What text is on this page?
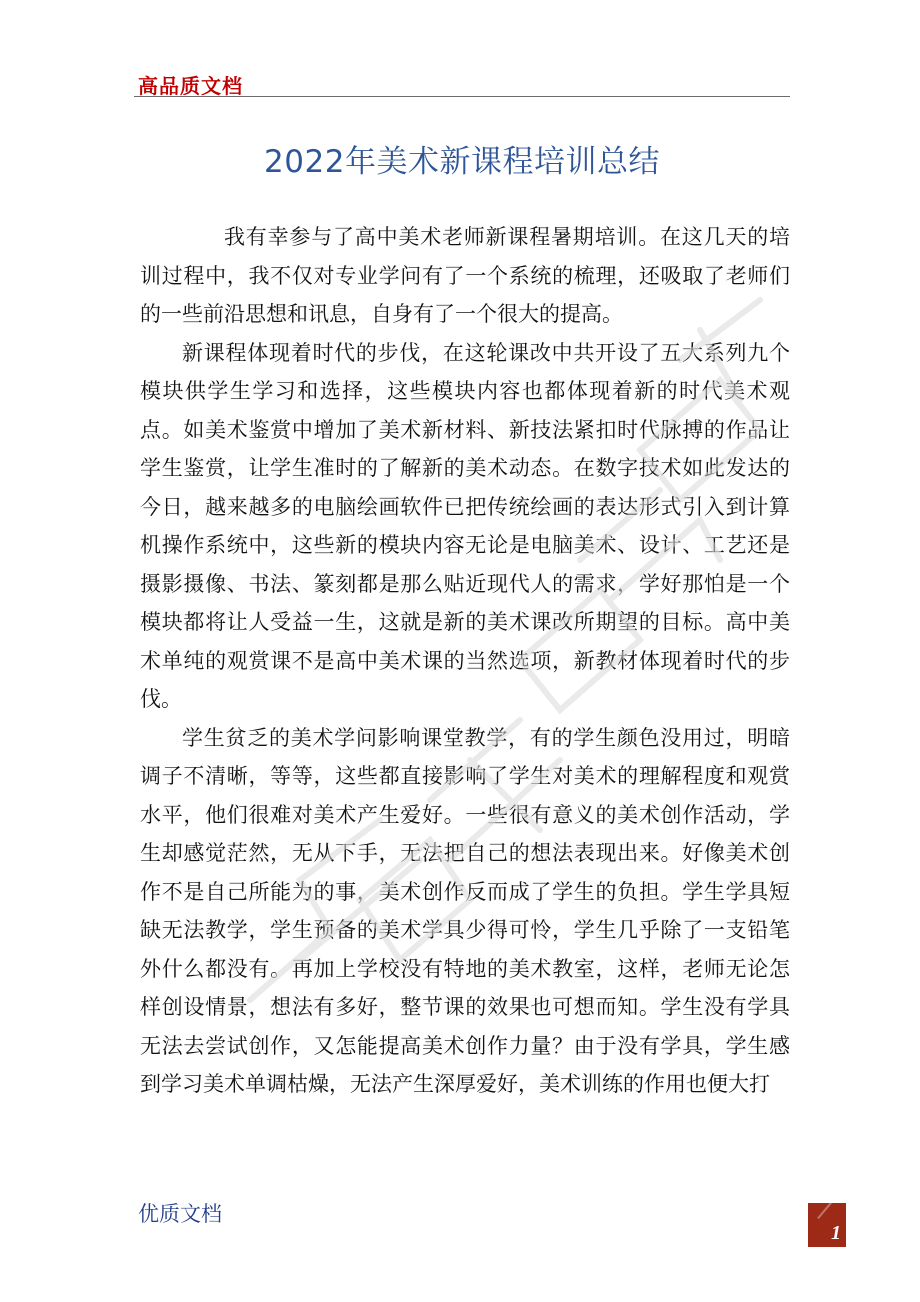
高品质文档
2022年美术新课程培训总结

我有幸参与了高中美术老师新课程暑期培训。在这几天的培训过程中，我不仅对专业学问有了一个系统的梳理，还吸取了老师们的一些前沿思想和讯息，自身有了一个很大的提高。

新课程体现着时代的步伐，在这轮课改中共开设了五大系列九个模块供学生学习和选择，这些模块内容也都体现着新的时代美术观点。如美术鉴赏中增加了美术新材料、新技法紧扣时代脉搏的作品让学生鉴赏，让学生准时的了解新的美术动态。在数字技术如此发达的今日，越来越多的电脑绘画软件已把传统绘画的表达形式引入到计算机操作系统中，这些新的模块内容无论是电脑美术、设计、工艺还是摄影摄像、书法、篆刻都是那么贴近现代人的需求，学好那怕是一个模块都将让人受益一生，这就是新的美术课改所期望的目标。高中美术单纯的观赏课不是高中美术课的当然选项，新教材体现着时代的步伐。

学生贫乏的美术学问影响课堂教学，有的学生颜色没用过，明暗调子不清晰，等等，这些都直接影响了学生对美术的理解程度和观赏水平，他们很难对美术产生爱好。一些很有意义的美术创作活动，学生却感觉茫然，无从下手，无法把自己的想法表现出来。好像美术创作不是自己所能为的事，美术创作反而成了学生的负担。学生学具短缺无法教学，学生预备的美术学具少得可怜，学生几乎除了一支铅笔外什么都没有。再加上学校没有特地的美术教室，这样，老师无论怎样创设情景，想法有多好，整节课的效果也可想而知。学生没有学具无法去尝试创作，又怎能提高美术创作力量？由于没有学具，学生感到学习美术单调枯燥，无法产生深厚爱好，美术训练的作用也便大打

优质文档
1
